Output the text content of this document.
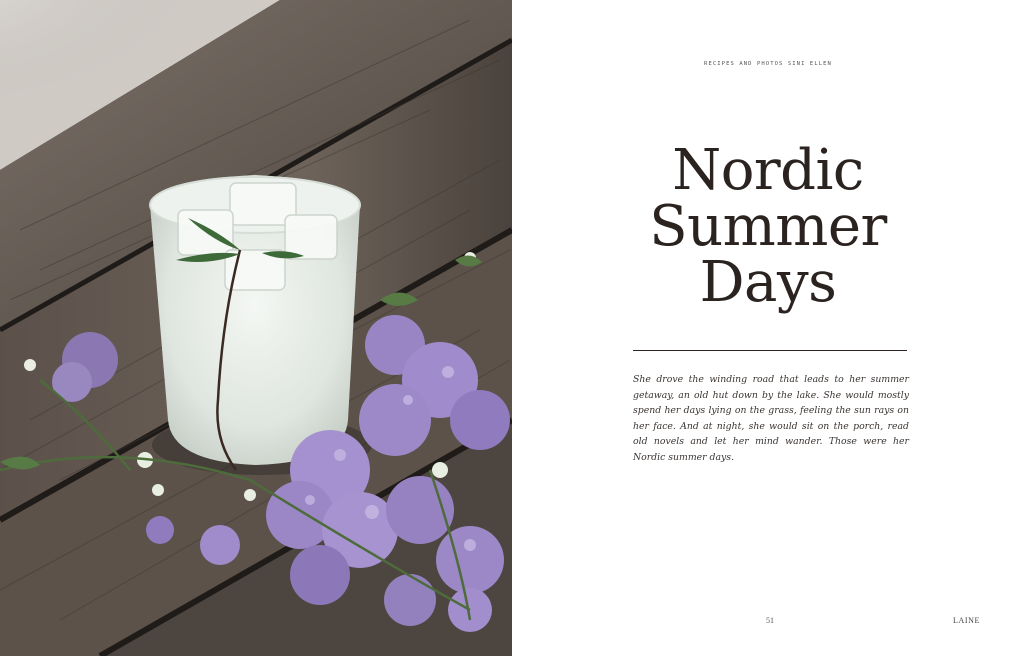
RECIPES AND PHOTOS SINI ELLEN
Nordic
Summer
Days

She drove the winding road that leads to her summer getaway, an old hut down by the lake. She would mostly spend her days lying on the grass, feeling the sun rays on her face. And at night, she would sit on the porch, read old novels and let her mind wander. Those were her Nordic summer days.

51	LAINE
